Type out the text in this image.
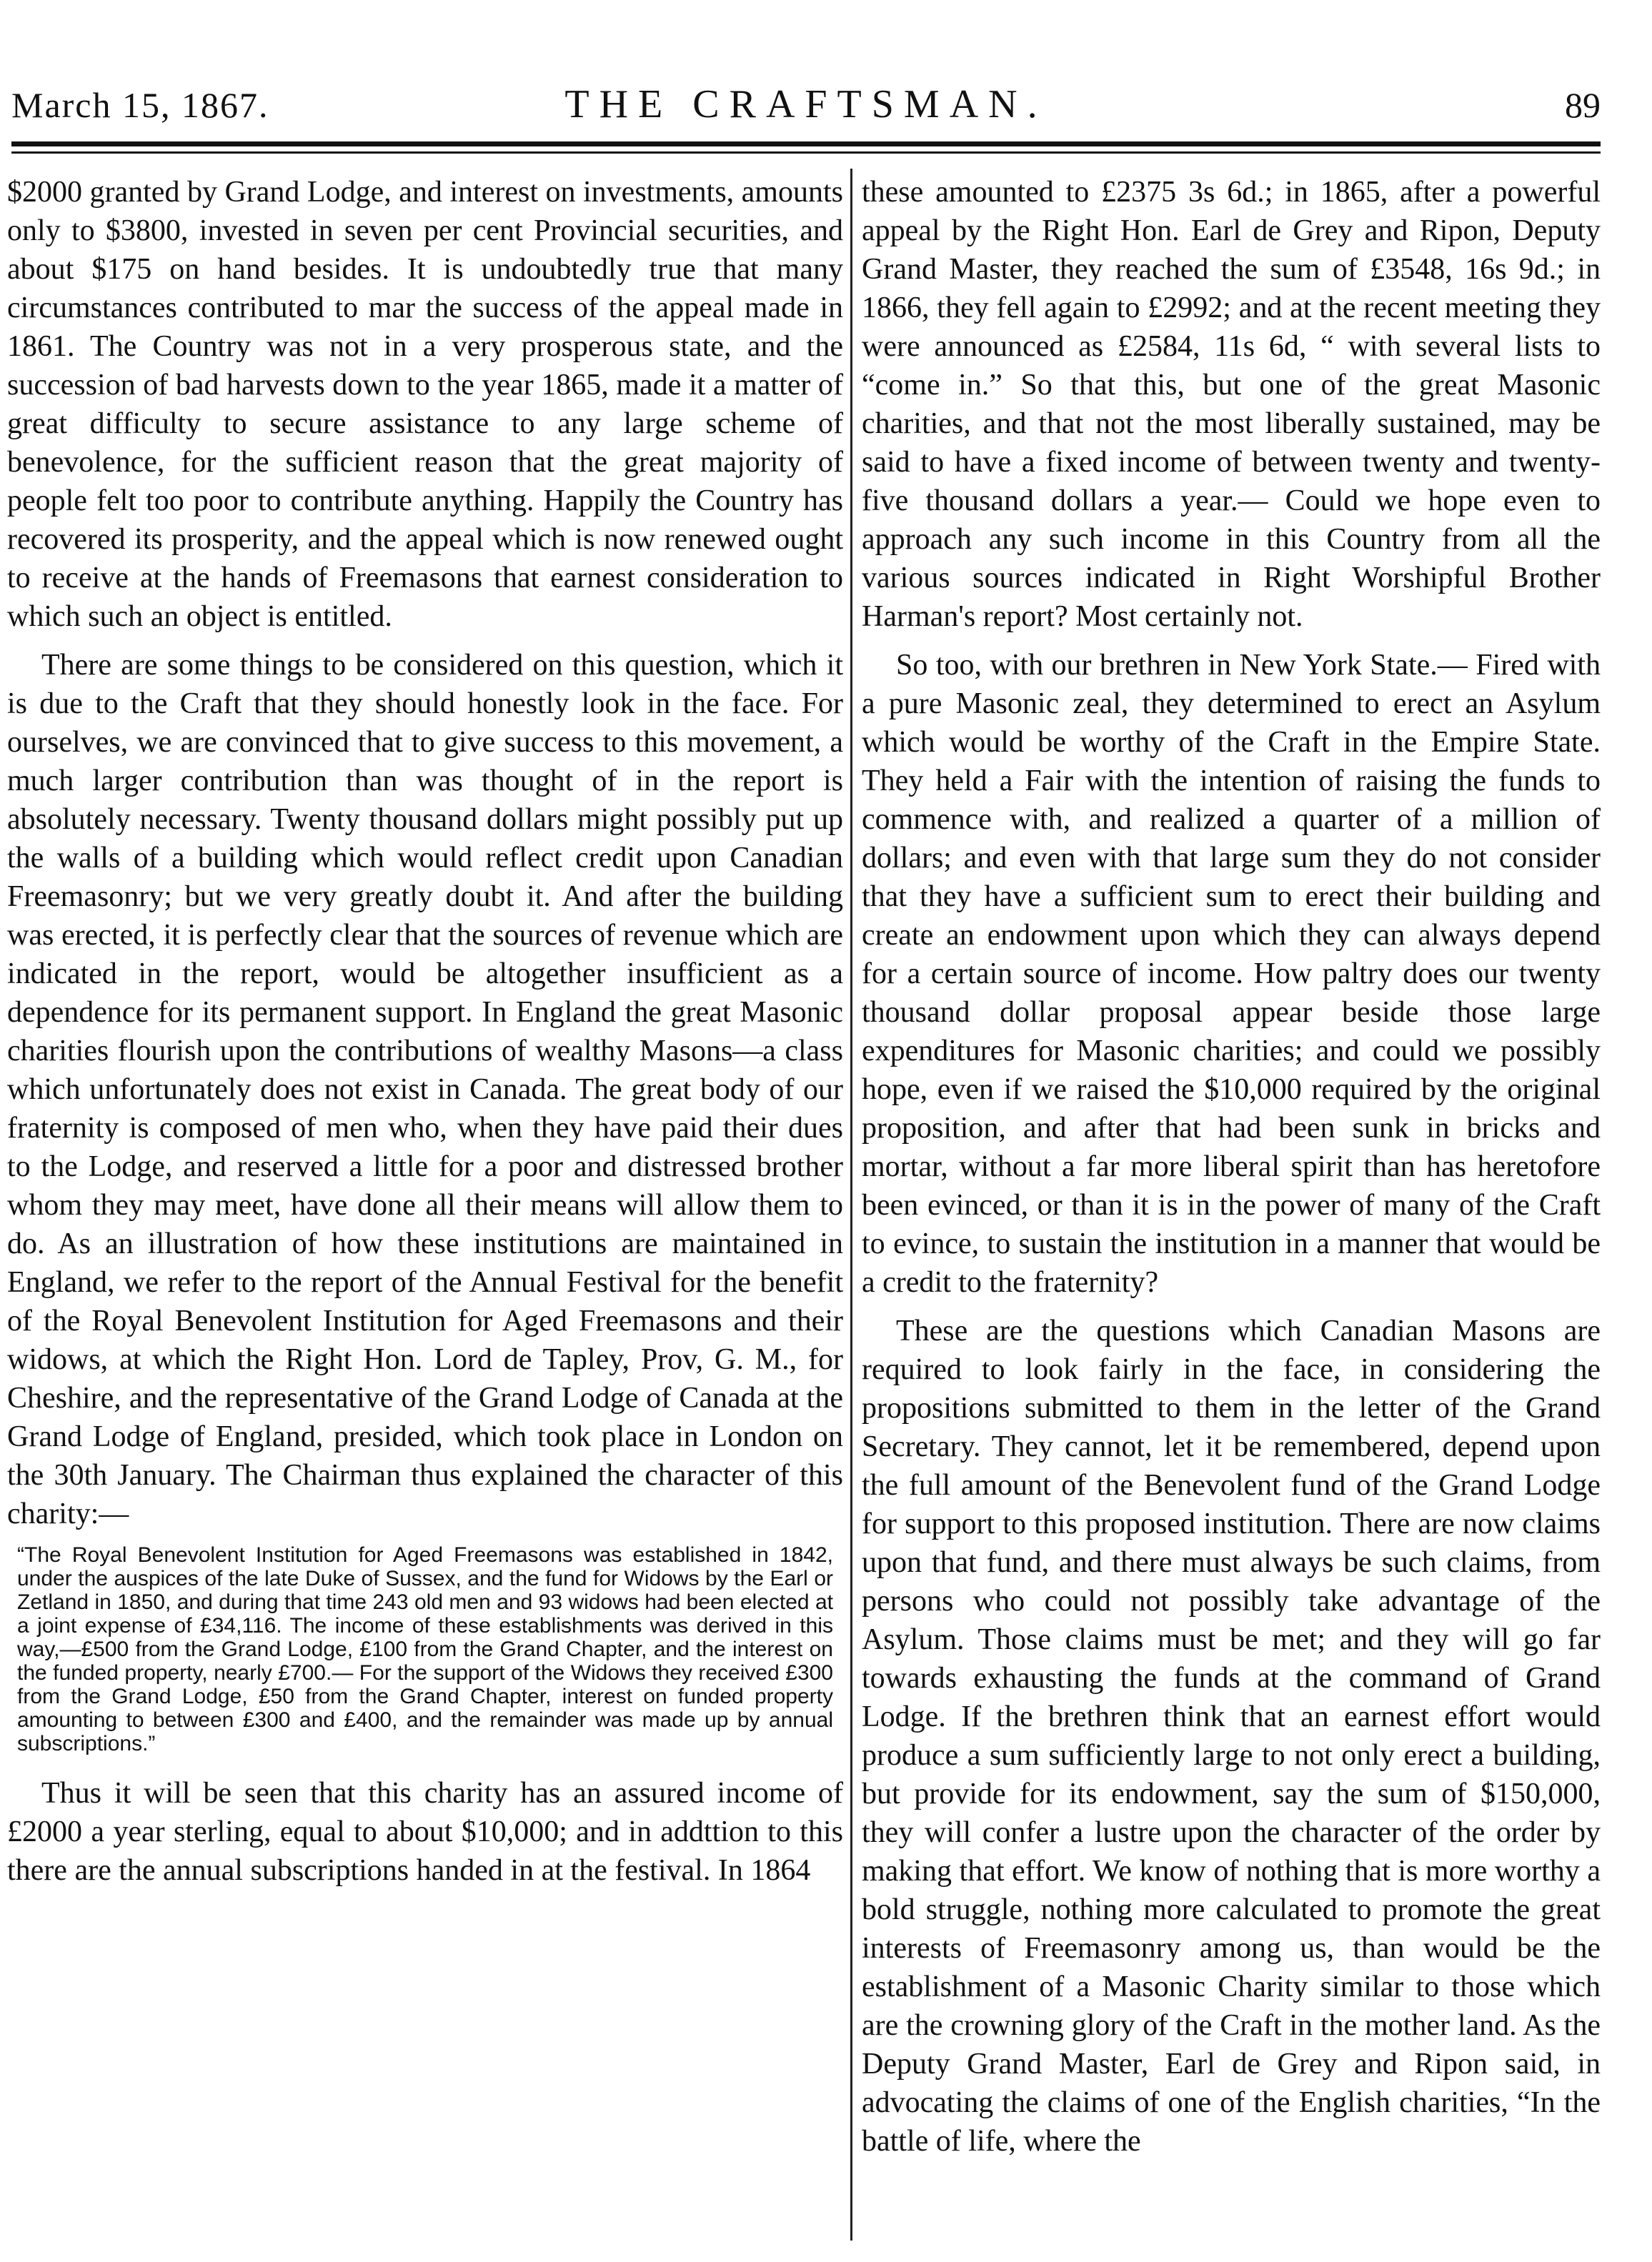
March 15, 1867.	THE CRAFTSMAN.	89

$2000 granted by Grand Lodge, and interest on investments, amounts only to $3800, invested in seven per cent Provincial securities, and about $175 on hand besides. It is undoubtedly true that many circumstances contributed to mar the success of the appeal made in 1861. The Country was not in a very prosperous state, and the succession of bad harvests down to the year 1865, made it a matter of great difficulty to secure assistance to any large scheme of benevolence, for the sufficient reason that the great majority of people felt too poor to contribute anything. Happily the Country has recovered its prosperity, and the appeal which is now renewed ought to receive at the hands of Freemasons that earnest consideration to which such an object is entitled.

There are some things to be considered on this question, which it is due to the Craft that they should honestly look in the face. For ourselves, we are convinced that to give success to this movement, a much larger contribution than was thought of in the report is absolutely necessary. Twenty thousand dollars might possibly put up the walls of a building which would reflect credit upon Canadian Freemasonry; but we very greatly doubt it. And after the building was erected, it is perfectly clear that the sources of revenue which are indicated in the report, would be altogether insufficient as a dependence for its permanent support. In England the great Masonic charities flourish upon the contributions of wealthy Masons—a class which unfortunately does not exist in Canada. The great body of our fraternity is composed of men who, when they have paid their dues to the Lodge, and reserved a little for a poor and distressed brother whom they may meet, have done all their means will allow them to do. As an illustration of how these institutions are maintained in England, we refer to the report of the Annual Festival for the benefit of the Royal Benevolent Institution for Aged Freemasons and their widows, at which the Right Hon. Lord de Tapley, Prov, G. M., for Cheshire, and the representative of the Grand Lodge of Canada at the Grand Lodge of England, presided, which took place in London on the 30th January. The Chairman thus explained the character of this charity:—

“The Royal Benevolent Institution for Aged Freemasons was established in 1842, under the auspices of the late Duke of Sussex, and the fund for Widows by the Earl or Zetland in 1850, and during that time 243 old men and 93 widows had been elected at a joint expense of £34,116. The income of these establishments was derived in this way,—£500 from the Grand Lodge, £100 from the Grand Chapter, and the interest on the funded property, nearly £700.— For the support of the Widows they received £300 from the Grand Lodge, £50 from the Grand Chapter, interest on funded property amounting to between £300 and £400, and the remainder was made up by annual subscriptions.”

Thus it will be seen that this charity has an assured income of £2000 a year sterling, equal to about $10,000; and in addttion to this there are the annual subscriptions handed in at the festival. In 1864

these amounted to £2375 3s 6d.; in 1865, after a powerful appeal by the Right Hon. Earl de Grey and Ripon, Deputy Grand Master, they reached the sum of £3548, 16s 9d.; in 1866, they fell again to £2992; and at the recent meeting they were announced as £2584, 11s 6d, “ with several lists to “come in.” So that this, but one of the great Masonic charities, and that not the most liberally sustained, may be said to have a fixed income of between twenty and twenty-five thousand dollars a year.— Could we hope even to approach any such income in this Country from all the various sources indicated in Right Worshipful Brother Harman's report? Most certainly not.

So too, with our brethren in New York State.— Fired with a pure Masonic zeal, they determined to erect an Asylum which would be worthy of the Craft in the Empire State. They held a Fair with the intention of raising the funds to commence with, and realized a quarter of a million of dollars; and even with that large sum they do not consider that they have a sufficient sum to erect their building and create an endowment upon which they can always depend for a certain source of income. How paltry does our twenty thousand dollar proposal appear beside those large expenditures for Masonic charities; and could we possibly hope, even if we raised the $10,000 required by the original proposition, and after that had been sunk in bricks and mortar, without a far more liberal spirit than has heretofore been evinced, or than it is in the power of many of the Craft to evince, to sustain the institution in a manner that would be a credit to the fraternity?

These are the questions which Canadian Masons are required to look fairly in the face, in considering the propositions submitted to them in the letter of the Grand Secretary. They cannot, let it be remembered, depend upon the full amount of the Benevolent fund of the Grand Lodge for support to this proposed institution. There are now claims upon that fund, and there must always be such claims, from persons who could not possibly take advantage of the Asylum. Those claims must be met; and they will go far towards exhausting the funds at the command of Grand Lodge. If the brethren think that an earnest effort would produce a sum sufficiently large to not only erect a building, but provide for its endowment, say the sum of $150,000, they will confer a lustre upon the character of the order by making that effort. We know of nothing that is more worthy a bold struggle, nothing more calculated to promote the great interests of Freemasonry among us, than would be the establishment of a Masonic Charity similar to those which are the crowning glory of the Craft in the mother land. As the Deputy Grand Master, Earl de Grey and Ripon said, in advocating the claims of one of the English charities, “In the battle of life, where the
